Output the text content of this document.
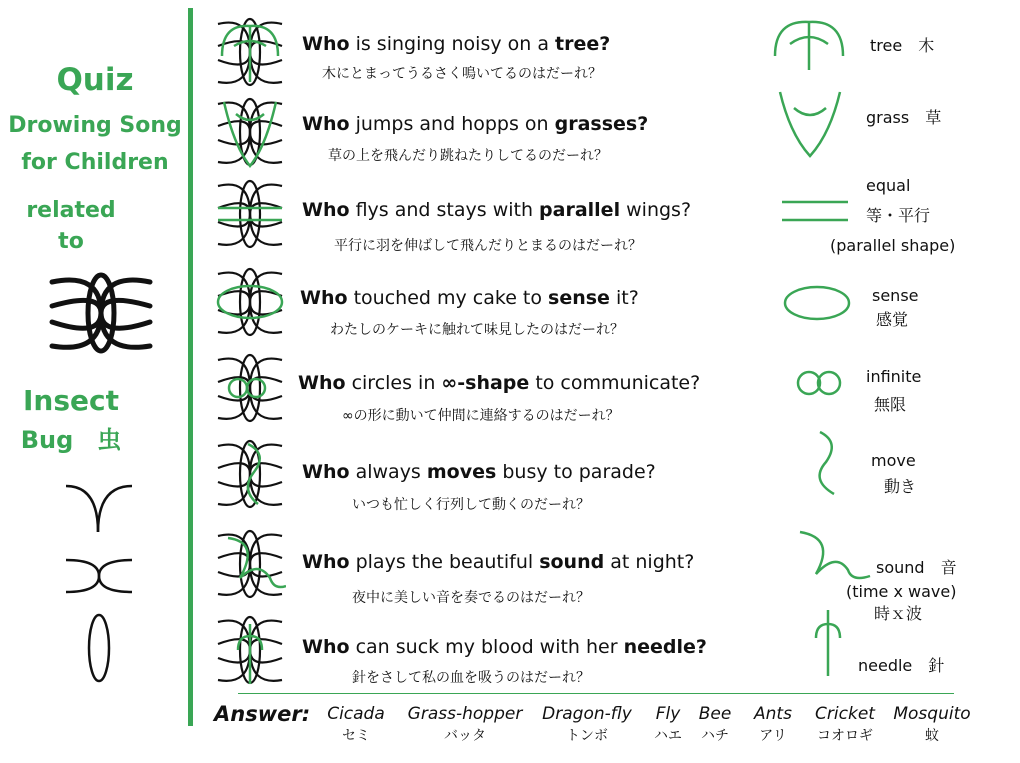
Quiz
Drowing Song
for Children
related
to
Insect
Bug　虫
Who is singing noisy on a tree?
木にとまってうるさく鳴いてるのはだーれ？
Who jumps and hopps on grasses?
草の上を飛んだり跳ねたりしてるのだーれ？
Who flys and stays with parallel wings?
平行に羽を伸ばして飛んだりとまるのはだーれ？
Who touched my cake to sense it?
わたしのケーキに触れて味見したのはだーれ？
Who circles in ∞-shape to communicate?
∞の形に動いて仲間に連絡するのはだーれ？
Who always moves busy to parade?
いつも忙しく行列して動くのだーれ？
Who plays the beautiful sound at night?
夜中に美しい音を奏でるのはだーれ？
Who can suck my blood with her needle?
針をさして私の血を吸うのはだーれ？
tree　木
grass　草
equal
等・平行
(parallel shape)
sense
感覚
infinite
無限
move
動き
sound　音
(time x wave)
時ｘ波
needle　針
Answer: Cicada
セミ
Grass-hopper
バッタ
Dragon-fly
トンボ
Fly
ハエ
Bee
ハチ
Ants
アリ
Cricket
コオロギ
Mosquito
蚊
